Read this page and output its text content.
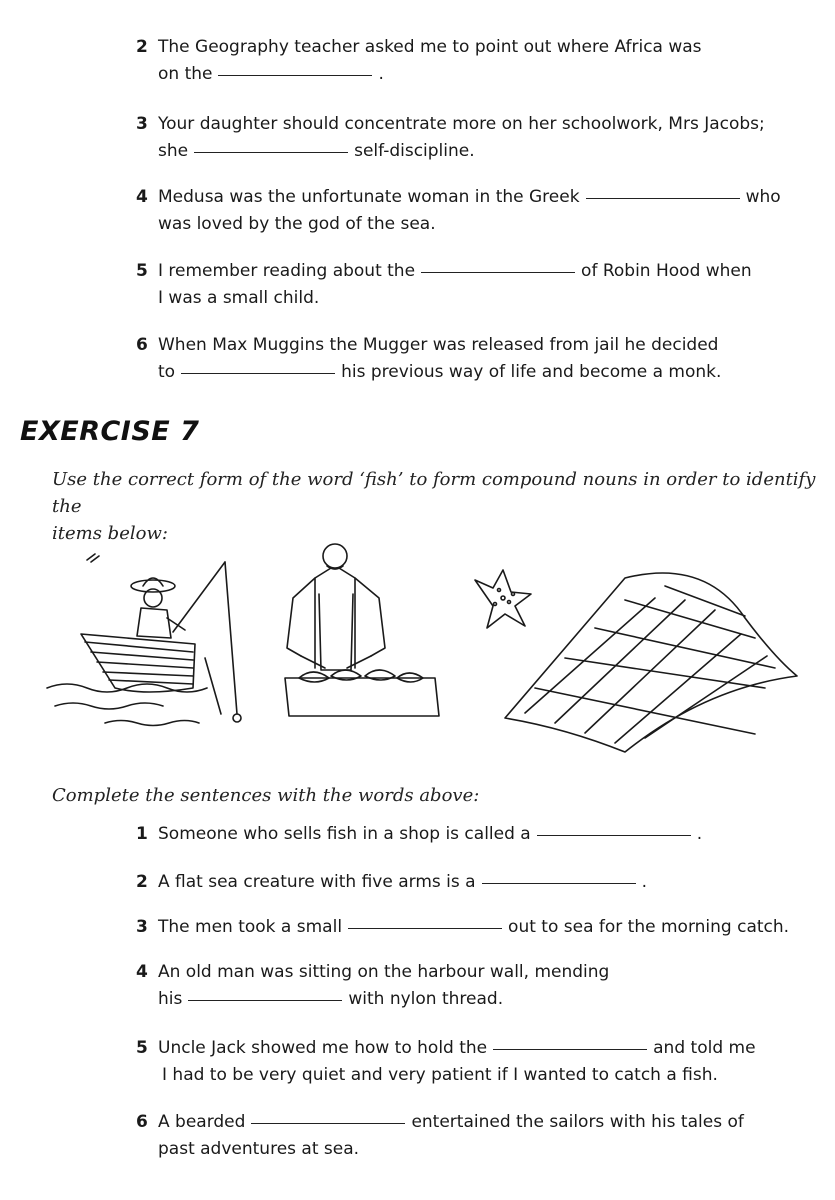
2 The Geography teacher asked me to point out where Africa was
on the	.
3 Your daughter should concentrate more on her schoolwork, Mrs Jacobs;
she	self-discipline.
4 Medusa was the unfortunate woman in the Greek	who
was loved by the god of the sea.
5 I remember reading about the	of Robin Hood when
I was a small child.
6 When Max Muggins the Mugger was released from jail he decided
to	his previous way of life and become a monk.
EXERCISE 7
Use the correct form of the word ‘fish’ to form compound nouns in order to identify the
items below:
Complete the sentences with the words above:
1 Someone who sells fish in a shop is called a	.
2 A flat sea creature with five arms is a	.
3 The men took a small	out to sea for the morning catch.
4 An old man was sitting on the harbour wall, mending
his	with nylon thread.
5 Uncle Jack showed me how to hold the	and told me
I had to be very quiet and very patient if I wanted to catch a fish.
6 A bearded	entertained the sailors with his tales of
past adventures at sea.
